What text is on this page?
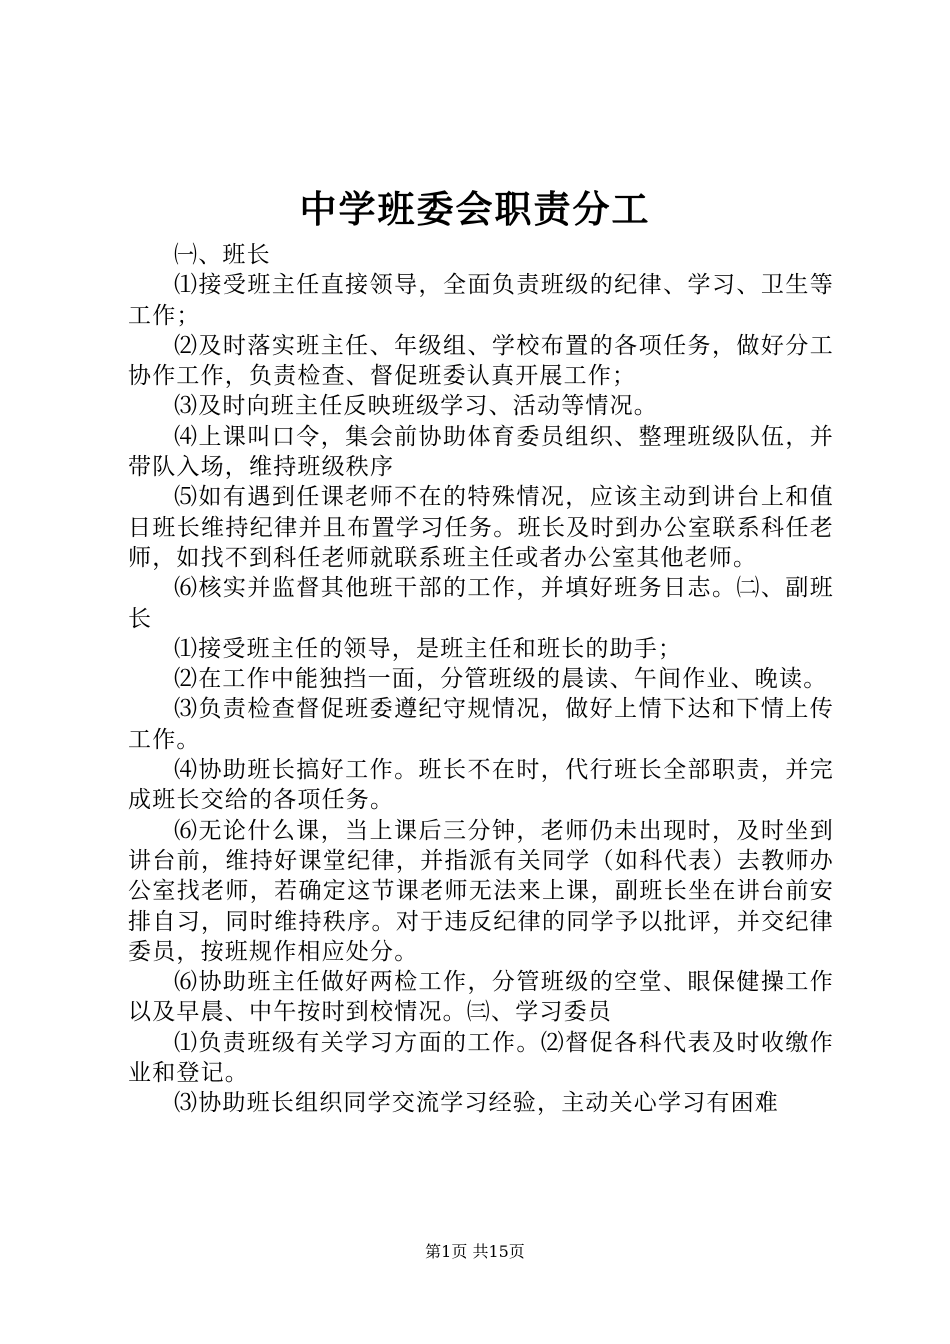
中学班委会职责分工

㈠、班长

⑴接受班主任直接领导，全面负责班级的纪律、学习、卫生等工作；

⑵及时落实班主任、年级组、学校布置的各项任务，做好分工协作工作，负责检查、督促班委认真开展工作；

⑶及时向班主任反映班级学习、活动等情况。

⑷上课叫口令，集会前协助体育委员组织、整理班级队伍，并带队入场，维持班级秩序

⑸如有遇到任课老师不在的特殊情况，应该主动到讲台上和值日班长维持纪律并且布置学习任务。班长及时到办公室联系科任老师，如找不到科任老师就联系班主任或者办公室其他老师。

⑹核实并监督其他班干部的工作，并填好班务日志。㈡、副班长

⑴接受班主任的领导，是班主任和班长的助手；

⑵在工作中能独挡一面，分管班级的晨读、午间作业、晚读。

⑶负责检查督促班委遵纪守规情况，做好上情下达和下情上传工作。

⑷协助班长搞好工作。班长不在时，代行班长全部职责，并完成班长交给的各项任务。

⑹无论什么课，当上课后三分钟，老师仍未出现时，及时坐到讲台前，维持好课堂纪律，并指派有关同学（如科代表）去教师办公室找老师，若确定这节课老师无法来上课，副班长坐在讲台前安排自习，同时维持秩序。对于违反纪律的同学予以批评，并交纪律委员，按班规作相应处分。

⑹协助班主任做好两检工作，分管班级的空堂、眼保健操工作以及早晨、中午按时到校情况。㈢、学习委员

⑴负责班级有关学习方面的工作。⑵督促各科代表及时收缴作业和登记。

⑶协助班长组织同学交流学习经验，主动关心学习有困难

第1页 共15页
